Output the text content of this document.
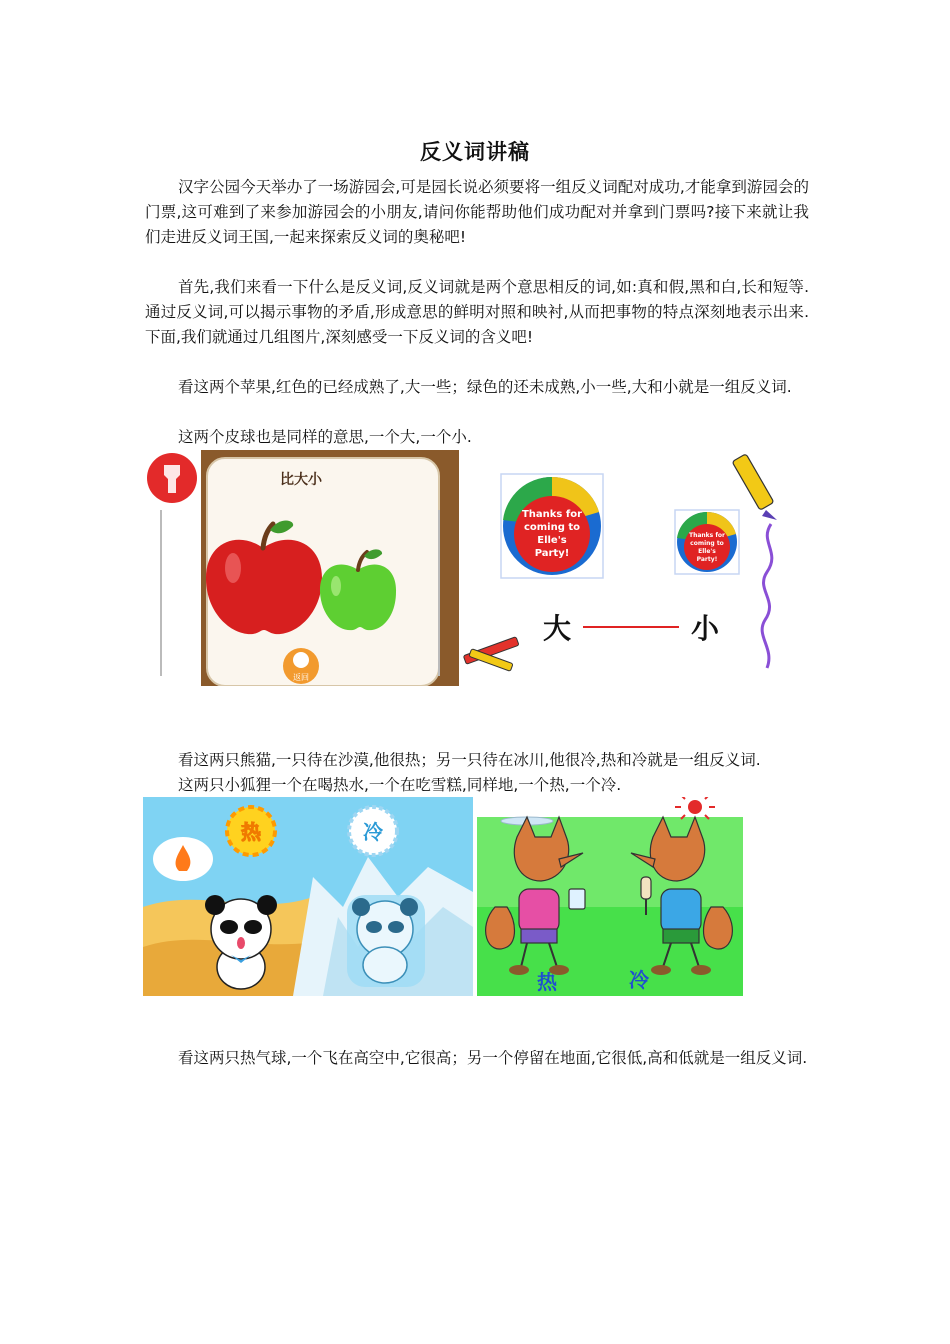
反义词讲稿

汉字公园今天举办了一场游园会,可是园长说必须要将一组反义词配对成功,才能拿到游园会的门票,这可难到了来参加游园会的小朋友,请问你能帮助他们成功配对并拿到门票吗?接下来就让我们走进反义词王国,一起来探索反义词的奥秘吧!

首先,我们来看一下什么是反义词,反义词就是两个意思相反的词,如:真和假,黑和白,长和短等.通过反义词,可以揭示事物的矛盾,形成意思的鲜明对照和映衬,从而把事物的特点深刻地表示出来.下面,我们就通过几组图片,深刻感受一下反义词的含义吧!

看这两个苹果,红色的已经成熟了,大一些；绿色的还未成熟,小一些,大和小就是一组反义词.

这两个皮球也是同样的意思,一个大,一个小.

比大小
返回
Thanks for
coming to
Elle's
Party!
Thanks for
coming to
Elle's
Party!
大	小

看这两只熊猫,一只待在沙漠,他很热；另一只待在冰川,他很冷,热和冷就是一组反义词.

这两只小狐狸一个在喝热水,一个在吃雪糕,同样地,一个热,一个冷.

热	冷
热	冷

看这两只热气球,一个飞在高空中,它很高；另一个停留在地面,它很低,高和低就是一组反义词.
